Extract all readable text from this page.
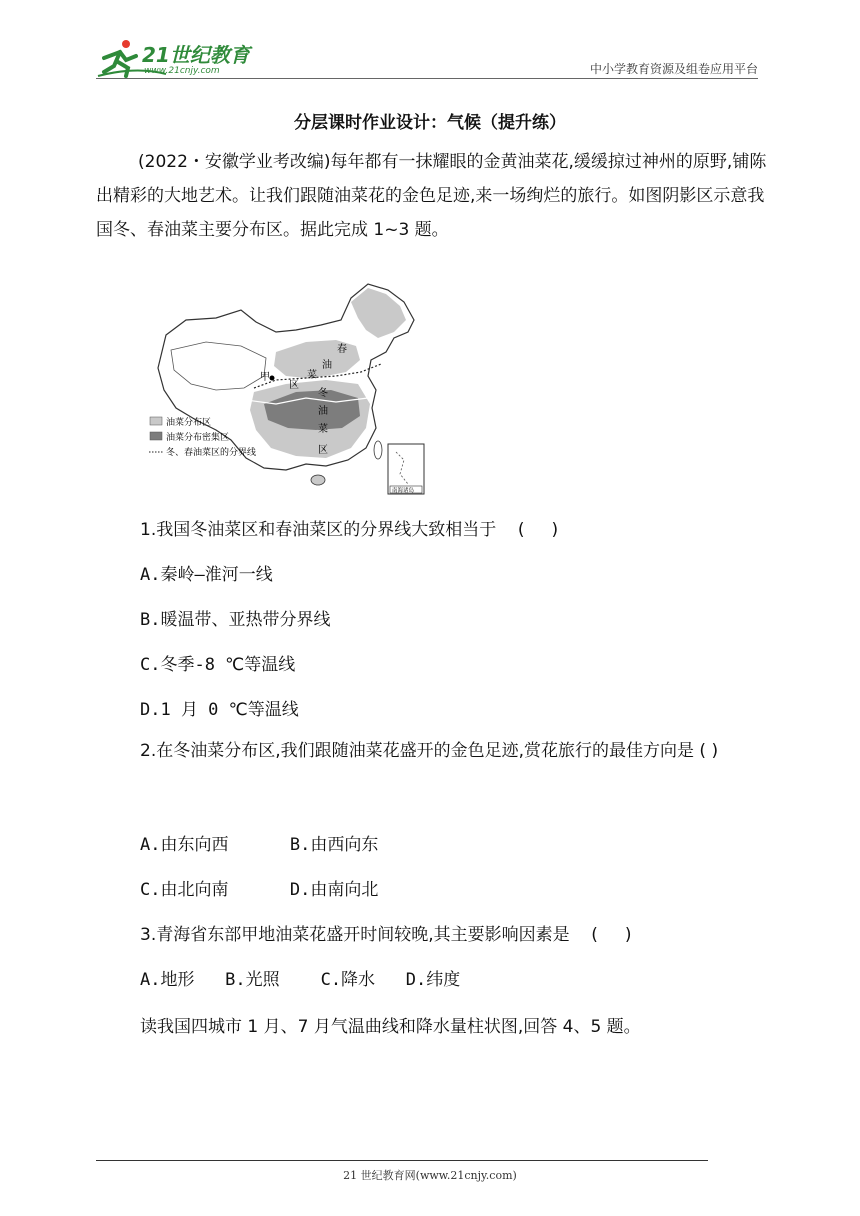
21世纪教育
www.21cnjy.com	中小学教育资源及组卷应用平台
分层课时作业设计：气候（提升练）
(2022・安徽学业考改编)每年都有一抹耀眼的金黄油菜花,缓缓掠过神州的原野,铺陈出精彩的大地艺术。让我们跟随油菜花的金色足迹,来一场绚烂的旅行。如图阴影区示意我国冬、春油菜主要分布区。据此完成 1~3 题。
甲
区
春
油
菜
冬
油
菜
区
油菜分布区
油菜分布密集区
冬、春油菜区的分界线
南海诸岛
1.我国冬油菜区和春油菜区的分界线大致相当于    (     )
A.秦岭—淮河一线
B.暖温带、亚热带分界线
C.冬季-8 ℃等温线
D.1 月 0 ℃等温线
2.在冬油菜分布区,我们跟随油菜花盛开的金色足迹,赏花旅行的最佳方向是 ( )
A.由东向西      B.由西向东
C.由北向南      D.由南向北
3.青海省东部甲地油菜花盛开时间较晚,其主要影响因素是    (     )
A.地形   B.光照    C.降水   D.纬度
读我国四城市 1 月、7 月气温曲线和降水量柱状图,回答 4、5 题。
21 世纪教育网(www.21cnjy.com)
